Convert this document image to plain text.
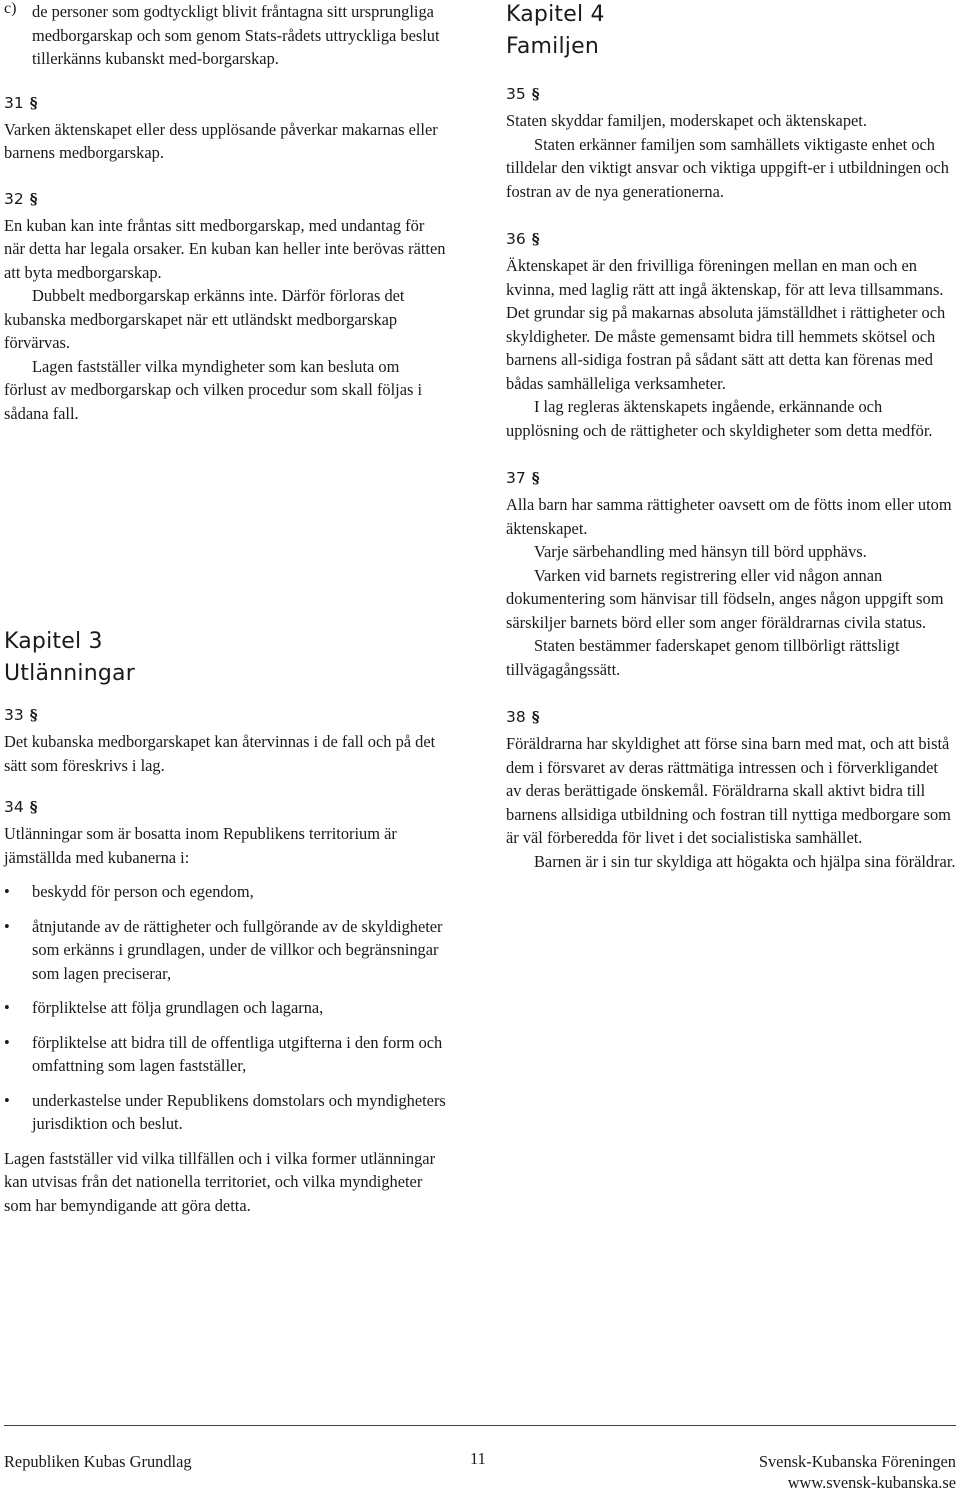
c) de personer som godtyckligt blivit fråntagna sitt ursprungliga medborgarskap och som genom Stats-rådets uttryckliga beslut tillerkänns kubanskt med-borgarskap.

31 §

Varken äktenskapet eller dess upplösande påverkar makarnas eller barnens medborgarskap.

32 §

En kuban kan inte fråntas sitt medborgarskap, med undantag för när detta har legala orsaker. En kuban kan heller inte berövas rätten att byta medborgarskap.

Dubbelt medborgarskap erkänns inte. Därför förloras det kubanska medborgarskapet när ett utländskt medborgarskap förvärvas.

Lagen fastställer vilka myndigheter som kan besluta om förlust av medborgarskap och vilken procedur som skall följas i sådana fall.

Kapitel 3
Utlänningar
33 §

Det kubanska medborgarskapet kan återvinnas i de fall och på det sätt som föreskrivs i lag.

34 §

Utlänningar som är bosatta inom Republikens territorium är jämställda med kubanerna i:

• beskydd för person och egendom,
• åtnjutande av de rättigheter och fullgörande av de skyldigheter som erkänns i grundlagen, under de villkor och begränsningar som lagen preciserar,
• förpliktelse att följa grundlagen och lagarna,
• förpliktelse att bidra till de offentliga utgifterna i den form och omfattning som lagen fastställer,
• underkastelse under Republikens domstolars och myndigheters jurisdiktion och beslut.

Lagen fastställer vid vilka tillfällen och i vilka former utlänningar kan utvisas från det nationella territoriet, och vilka myndigheter som har bemyndigande att göra detta.

Kapitel 4
Familjen
35 §

Staten skyddar familjen, moderskapet och äktenskapet.

Staten erkänner familjen som samhällets viktigaste enhet och tilldelar den viktigt ansvar och viktiga uppgift-er i utbildningen och fostran av de nya generationerna.

36 §

Äktenskapet är den frivilliga föreningen mellan en man och en kvinna, med laglig rätt att ingå äktenskap, för att leva tillsammans. Det grundar sig på makarnas absoluta jämställdhet i rättigheter och skyldigheter. De måste gemensamt bidra till hemmets skötsel och barnens all-sidiga fostran på sådant sätt att detta kan förenas med bådas samhälleliga verksamheter.

I lag regleras äktenskapets ingående, erkännande och upplösning och de rättigheter och skyldigheter som detta medför.

37 §

Alla barn har samma rättigheter oavsett om de fötts inom eller utom äktenskapet.

Varje särbehandling med hänsyn till börd upphävs.

Varken vid barnets registrering eller vid någon annan dokumentering som hänvisar till födseln, anges någon uppgift som särskiljer barnets börd eller som anger föräldrarnas civila status.

Staten bestämmer faderskapet genom tillbörligt rättsligt tillvägagångssätt.

38 §

Föräldrarna har skyldighet att förse sina barn med mat, och att bistå dem i försvaret av deras rättmätiga intressen och i förverkligandet av deras berättigade önskemål. Föräldrarna skall aktivt bidra till barnens allsidiga utbildning och fostran till nyttiga medborgare som är väl förberedda för livet i det socialistiska samhället.

Barnen är i sin tur skyldiga att högakta och hjälpa sina föräldrar.

Republiken Kubas Grundlag	11	Svensk-Kubanska Föreningen
www.svensk-kubanska.se
